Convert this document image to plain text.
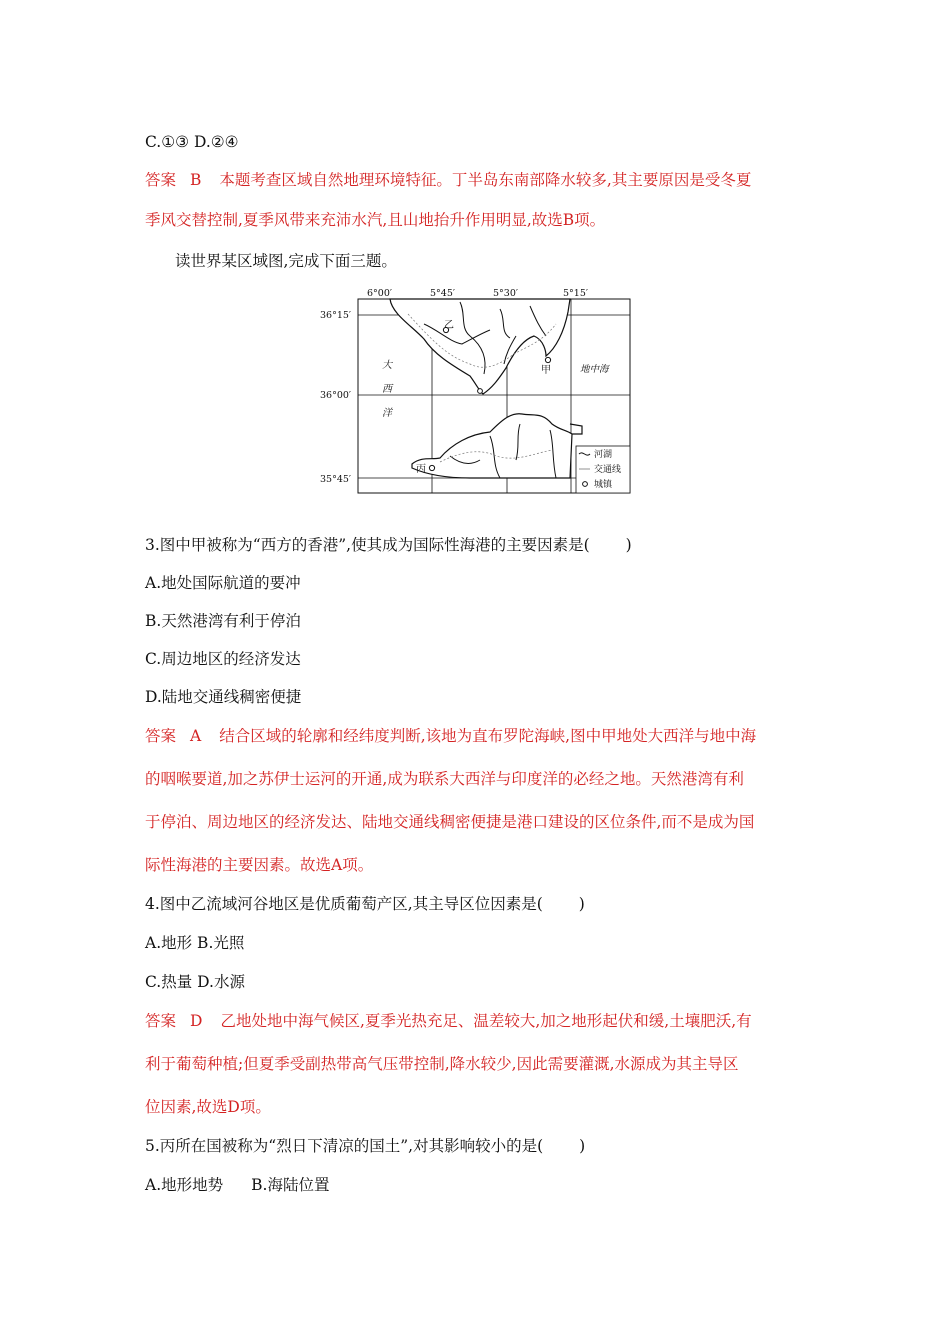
C.①③ D.②④
答案 B 本题考查区域自然地理环境特征。丁半岛东南部降水较多,其主要原因是受冬夏
季风交替控制,夏季风带来充沛水汽,且山地抬升作用明显,故选B项。
读世界某区域图,完成下面三题。
6°00′	5°45′	5°30′	5°15′
36°15′
36°00′
35°45′
乙
甲
丙
地中海
大
西
洋
河湖
交通线
城镇
3.图中甲被称为“西方的香港”,使其成为国际性海港的主要因素是( )
A.地处国际航道的要冲
B.天然港湾有利于停泊
C.周边地区的经济发达
D.陆地交通线稠密便捷
答案 A 结合区域的轮廓和经纬度判断,该地为直布罗陀海峡,图中甲地处大西洋与地中海
的咽喉要道,加之苏伊士运河的开通,成为联系大西洋与印度洋的必经之地。天然港湾有利
于停泊、周边地区的经济发达、陆地交通线稠密便捷是港口建设的区位条件,而不是成为国
际性海港的主要因素。故选A项。
4.图中乙流域河谷地区是优质葡萄产区,其主导区位因素是( )
A.地形 B.光照
C.热量 D.水源
答案 D 乙地处地中海气候区,夏季光热充足、温差较大,加之地形起伏和缓,土壤肥沃,有
利于葡萄种植;但夏季受副热带高气压带控制,降水较少,因此需要灌溉,水源成为其主导区
位因素,故选D项。
5.丙所在国被称为“烈日下清凉的国土”,对其影响较小的是( )
A.地形地势 B.海陆位置
